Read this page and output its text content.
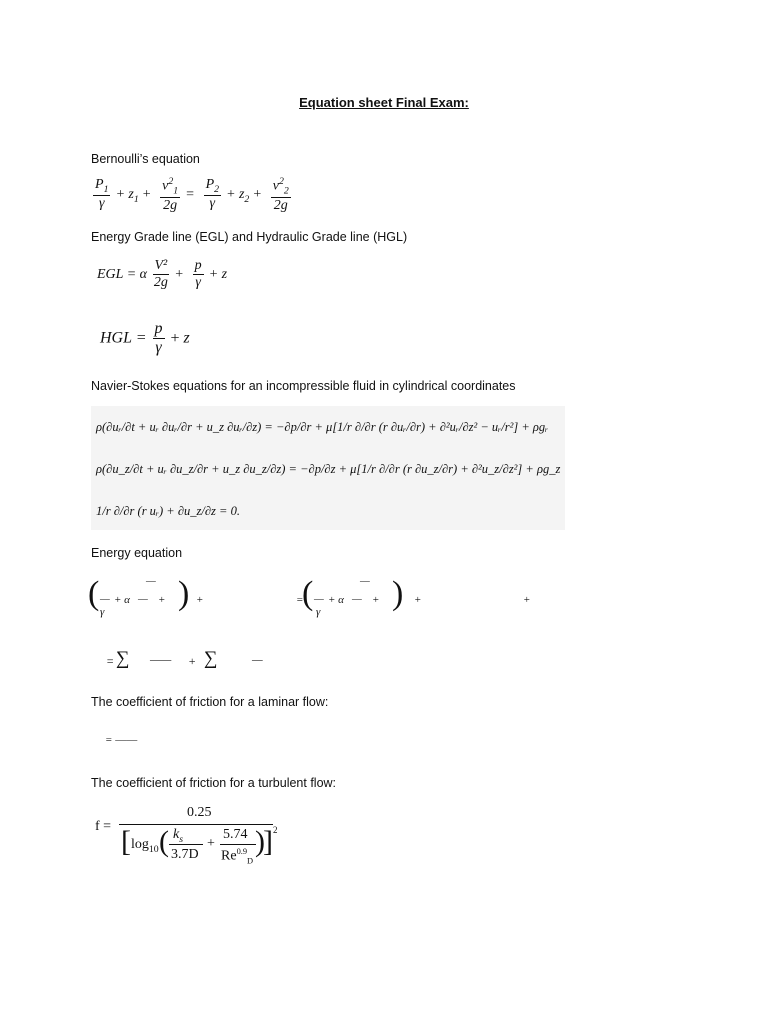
Equation sheet Final Exam:
Bernoulli’s equation
$\frac{P_1}{\gamma} + z_1 + \frac{v^2_1}{2g} = \frac{P_2}{\gamma} + z_2 + \frac{v^2_2}{2g}$
Energy Grade line (EGL) and Hydraulic Grade line (HGL)
EGL = α $\frac{\text{V²}}{2g} + \frac{p}{\gamma} + z$
HGL = $\frac{p}{\gamma} + z$
Navier-Stokes equations for an incompressible fluid in cylindrical coordinates
ρ(∂uᵣ/∂t + uᵣ ∂uᵣ/∂r + u_z ∂uᵣ/∂z) = −∂p/∂r + μ[1/r ∂/∂r (r ∂uᵣ/∂r) + ∂²uᵣ/∂z² − uᵣ/r²] + ρgᵣ
ρ(∂u_z/∂t + uᵣ ∂u_z/∂r + u_z ∂u_z/∂z) = −∂p/∂z + μ[1/r ∂/∂r (r ∂u_z/∂r) + ∂²u_z/∂z²] + ρg_z
1/r ∂/∂r (r uᵣ) + ∂u_z/∂z = 0.
Energy equation
(	—
— + α — +
γ ) +	=
(	—
— + α — +
γ ) +	+
= ∑ —— + ∑	—
The coefficient of friction for a laminar flow:
= ——
The coefficient of friction for a turbulent flow:
f =
0.25
[ $\log_{10}$ ( $k_s$
3.7D
+
5.74
$Re^{0.9}_D$
)
] 2
